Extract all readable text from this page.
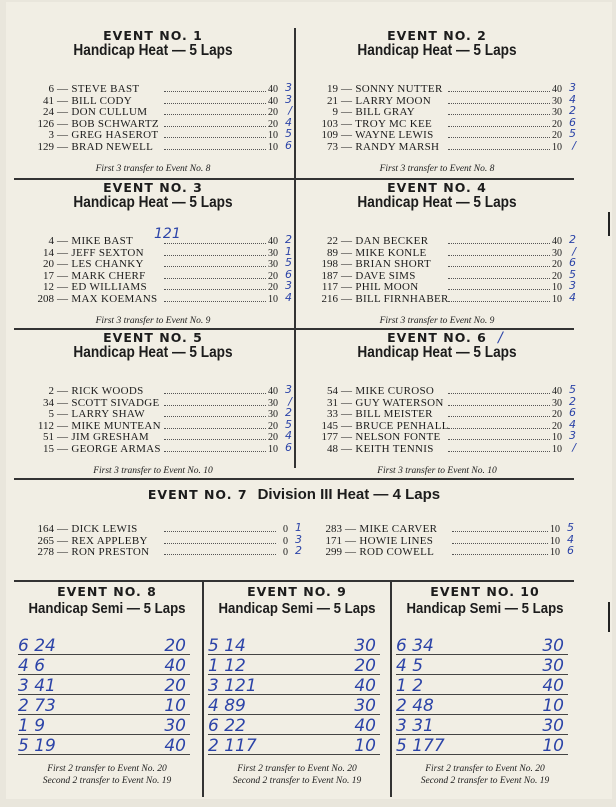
EVENT NO. 1
Handicap Heat — 5 Laps
6 — STEVE BAST	40 3
41 — BILL CODY	40 3
24 — DON CULLUM	20 /
126 — BOB SCHWARTZ	20 4
3 — GREG HASEROT	10 5
129 — BRAD NEWELL	10 6
First 3 transfer to Event No. 8
EVENT NO. 2
Handicap Heat — 5 Laps
19 — SONNY NUTTER	40 3
21 — LARRY MOON	30 4
9 — BILL GRAY	30 2
103 — TROY MC KEE	20 6
109 — WAYNE LEWIS	20 5
73 — RANDY MARSH	10 /
First 3 transfer to Event No. 8
EVENT NO. 3
Handicap Heat — 5 Laps
4 — MIKE BAST	40 2
14 — JEFF SEXTON	30 1
20 — LES CHANKY	30 5
17 — MARK CHERF	20 6
12 — ED WILLIAMS	20 3
208 — MAX KOEMANS	10 4
First 3 transfer to Event No. 9
121
EVENT NO. 4
Handicap Heat — 5 Laps
22 — DAN BECKER	40 2
89 — MIKE KONLE	30 /
198 — BRIAN SHORT	20 6
187 — DAVE SIMS	20 5
117 — PHIL MOON	10 3
216 — BILL FIRNHABER	10 4
First 3 transfer to Event No. 9
EVENT NO. 5
Handicap Heat — 5 Laps
2 — RICK WOODS	40 3
34 — SCOTT SIVADGE	30 /
5 — LARRY SHAW	30 2
112 — MIKE MUNTEAN	20 5
51 — JIM GRESHAM	20 4
15 — GEORGE ARMAS	10 6
First 3 transfer to Event No. 10
EVENT NO. 6
Handicap Heat — 5 Laps
54 — MIKE CUROSO	40 5
31 — GUY WATERSON	30 2
33 — BILL MEISTER	20 6
145 — BRUCE PENHALL	20 4
177 — NELSON FONTE	10 3
48 — KEITH TENNIS	10 /
First 3 transfer to Event No. 10
/
EVENT NO. 7 Division III Heat — 4 Laps
164 — DICK LEWIS	0 1
265 — REX APPLEBY	0 3
278 — RON PRESTON	0 2
283 — MIKE CARVER	10 5
171 — HOWIE LINES	10 4
299 — ROD COWELL	10 6
EVENT NO. 8
Handicap Semi — 5 Laps
6 24	20
4 6	40
3 41	20
2 73	10
1 9	30
5 19	40
First 2 transfer to Event No. 20
Second 2 transfer to Event No. 19
EVENT NO. 9
Handicap Semi — 5 Laps
5 14	30
1 12	20
3 121	40
4 89	30
6 22	40
2 117	10
First 2 transfer to Event No. 20
Second 2 transfer to Event No. 19
EVENT NO. 10
Handicap Semi — 5 Laps
6 34	30
4 5	30
1 2	40
2 48	10
3 31	30
5 177	10
First 2 transfer to Event No. 20
Second 2 transfer to Event No. 19
